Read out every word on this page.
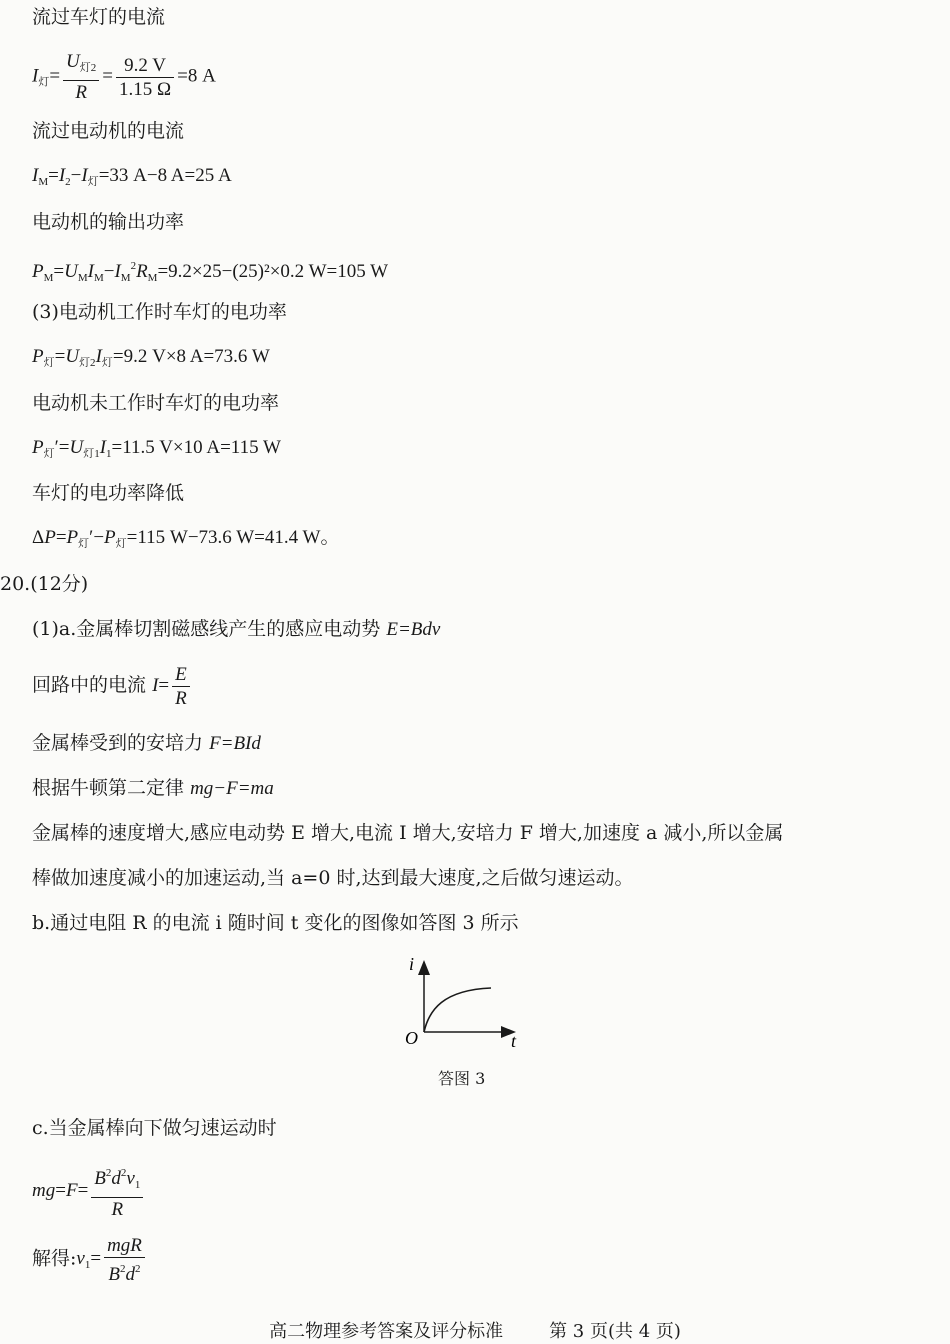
流过车灯的电流
$I_灯= \frac{U_{灯2}}{R} = \frac{9.2 V}{1.15 \Omega} =8$ A
流过电动机的电流
$I_M=I_2-I_灯=33$ A−8 A=25 A
电动机的输出功率
$P_M=U_MI_M-I_M^2R_M=9.2\times 25-(25)^2\times 0.2$ W=105 W
(3)电动机工作时车灯的电功率
$P_灯=U_{灯2}I_灯=9.2$ V×8 A=73.6 W
电动机未工作时车灯的电功率
$P_灯'=U_{灯1}I_1=11.5$ V×10 A=115 W
车灯的电功率降低
$\Delta P=P_灯'-P_灯=115$ W−73.6 W=41.4 W。
20.(12分)
(1)a.金属棒切割磁感线产生的感应电动势 E=Bdv
回路中的电流 $I= \frac{E}{R}$
金属棒受到的安培力 F=BId
根据牛顿第二定律 mg−F=ma
金属棒的速度增大,感应电动势 E 增大,电流 I 增大,安培力 F 增大,加速度 a 减小,所以金属
棒做加速度减小的加速运动,当 a=0 时,达到最大速度,之后做匀速运动。
b.通过电阻 R 的电流 i 随时间 t 变化的图像如答图 3 所示
i
t
O
答图 3
c.当金属棒向下做匀速运动时
$mg=F= \frac{B^2d^2v_1}{R}$
解得$:v_1= \frac{\text{mgR}}{B^2d^2}$
高二物理参考答案及评分标准	第 3 页(共 4 页)
